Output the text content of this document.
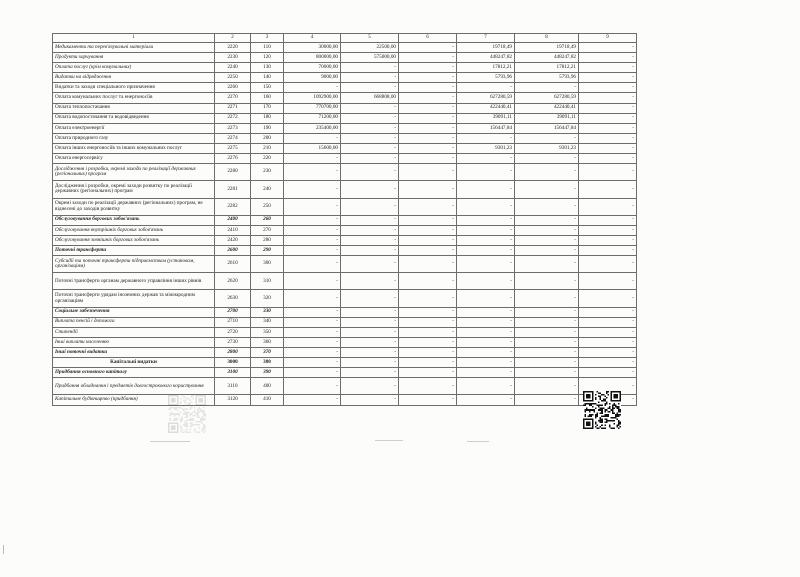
1	2	3	4	5	6	7	8	9
Медикаменти та перев'язувальні матеріали	2220	110	30000,00	22500,00	-	19718,49	19718,49	-
Продукти харчування	2230	120	800000,00	575000,00	-	448247,82	448247,82	-
Оплата послуг (крім комунальних)	2240	130	70000,00	-	-	17812,21	17812,21	-
Видатки на відрядження	2250	140	9000,00	-	-	5793,96	5793,96	-
Видатки та заходи спеціального призначення	2260	150	-	-	-	-	-	-
Оплата комунальних послуг та енергоносіїв	2270	160	1092900,00	668808,00	-	627280,59	627280,59	-
Оплата теплопостачання	2271	170	770700,00	-	-	422440,41	422440,41	-
Оплата водопостачання та водовідведення	2272	180	71200,00	-	-	39091,11	39091,11	-
Оплата електроенергії	2273	190	235400,00	-	-	156447,84	156447,84	-
Оплата природного газу	2274	200	-	-	-	-	-	-
Оплата інших енергоносіїв та інших комунальних послуг	2275	210	15600,00	-	-	9301,23	9301,23	-
Оплата енергосервісу	2276	220	-	-	-	-	-	-
Дослідження і розробки, окремі заходи по реалізації державних (регіональних) програм	2280	230	-	-	-	-	-	-
Дослідження і розробки, окремі заходи розвитку по реалізації державних (регіональних) програм	2281	240	-	-	-	-	-	-
Окремі заходи по реалізації державних (регіональних) програм, не віднесені до заходів розвитку	2282	250	-	-	-	-	-	-
Обслуговування боргових зобов'язань	2400	260	-	-	-	-	-	-
Обслуговування внутрішніх боргових зобов'язань	2410	270	-	-	-	-	-	-
Обслуговування зовнішніх боргових зобов'язань	2420	280	-	-	-	-	-	-
Поточні трансферти	2600	290	-	-	-	-	-	-
Субсидії та поточні трансферти підприємствам (установам, організаціям)	2610	300	-	-	-	-	-	-
Поточні трансферти органам державного управління інших рівнів	2620	310	-	-	-	-	-	-
Поточні трансферти урядам іноземних держав та міжнародним організаціям	2630	320	-	-	-	-	-	-
Соціальне забезпечення	2700	330	-	-	-	-	-	-
Виплата пенсій і допомоги	2710	340	-	-	-	-	-	-
Стипендії	2720	350	-	-	-	-	-	-
Інші виплати населенню	2730	360	-	-	-	-	-	-
Інші поточні видатки	2800	370	-	-	-	-	-	-
Капітальні видатки	3000	380	-	-	-	-	-	-
Придбання основного капіталу	3100	390	-	-	-	-	-	-
Придбання обладнання і предметів довгострокового користування	3110	400	-	-	-	-	-	-
Капітальне будівництво (придбання)	3120	410	-	-	-	-	-	-
